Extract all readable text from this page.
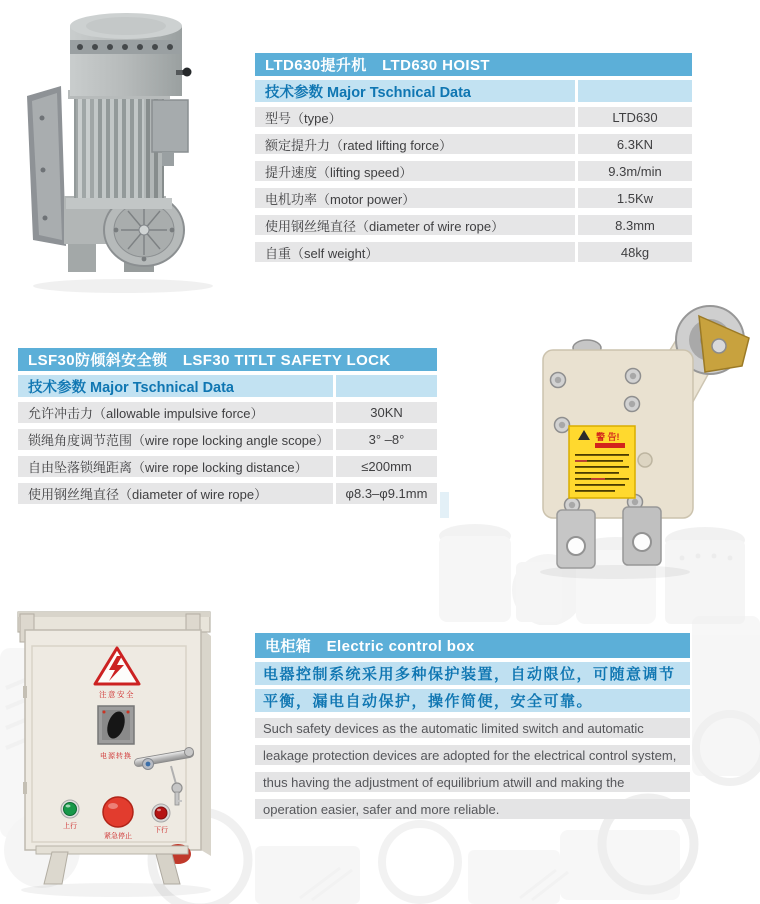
LTD630提升机　LTD630 HOIST
技术参数 Major Tschnical Data
型号（type）	LTD630
额定提升力（rated lifting force）	6.3KN
提升速度（lifting speed）	9.3m/min
电机功率（motor power）	1.5Kw
使用钢丝绳直径（diameter of wire rope）	8.3mm
自重（self weight）	48kg
LSF30防倾斜安全锁　LSF30 TITLT SAFETY LOCK
技术参数 Major Tschnical Data
允许冲击力（allowable impulsive force）	30KN
锁绳角度调节范围（wire rope locking angle scope）	3° –8°
自由坠落锁绳距离（wire rope locking distance）	≤200mm
使用钢丝绳直径（diameter of wire rope）	φ8.3–φ9.1mm
警 告!
注意安全
电源转换
上行
紧急停止
下行
电柜箱　Electric control box
电器控制系统采用多种保护装置，自动限位，可随意调节
平衡，漏电自动保护，操作简便，安全可靠。
Such safety devices as the automatic limited switch and automatic
leakage protection devices are adopted for the electrical control system,
thus having the adjustment of equilibrium atwill and making the
operation easier, safer and more reliable.
